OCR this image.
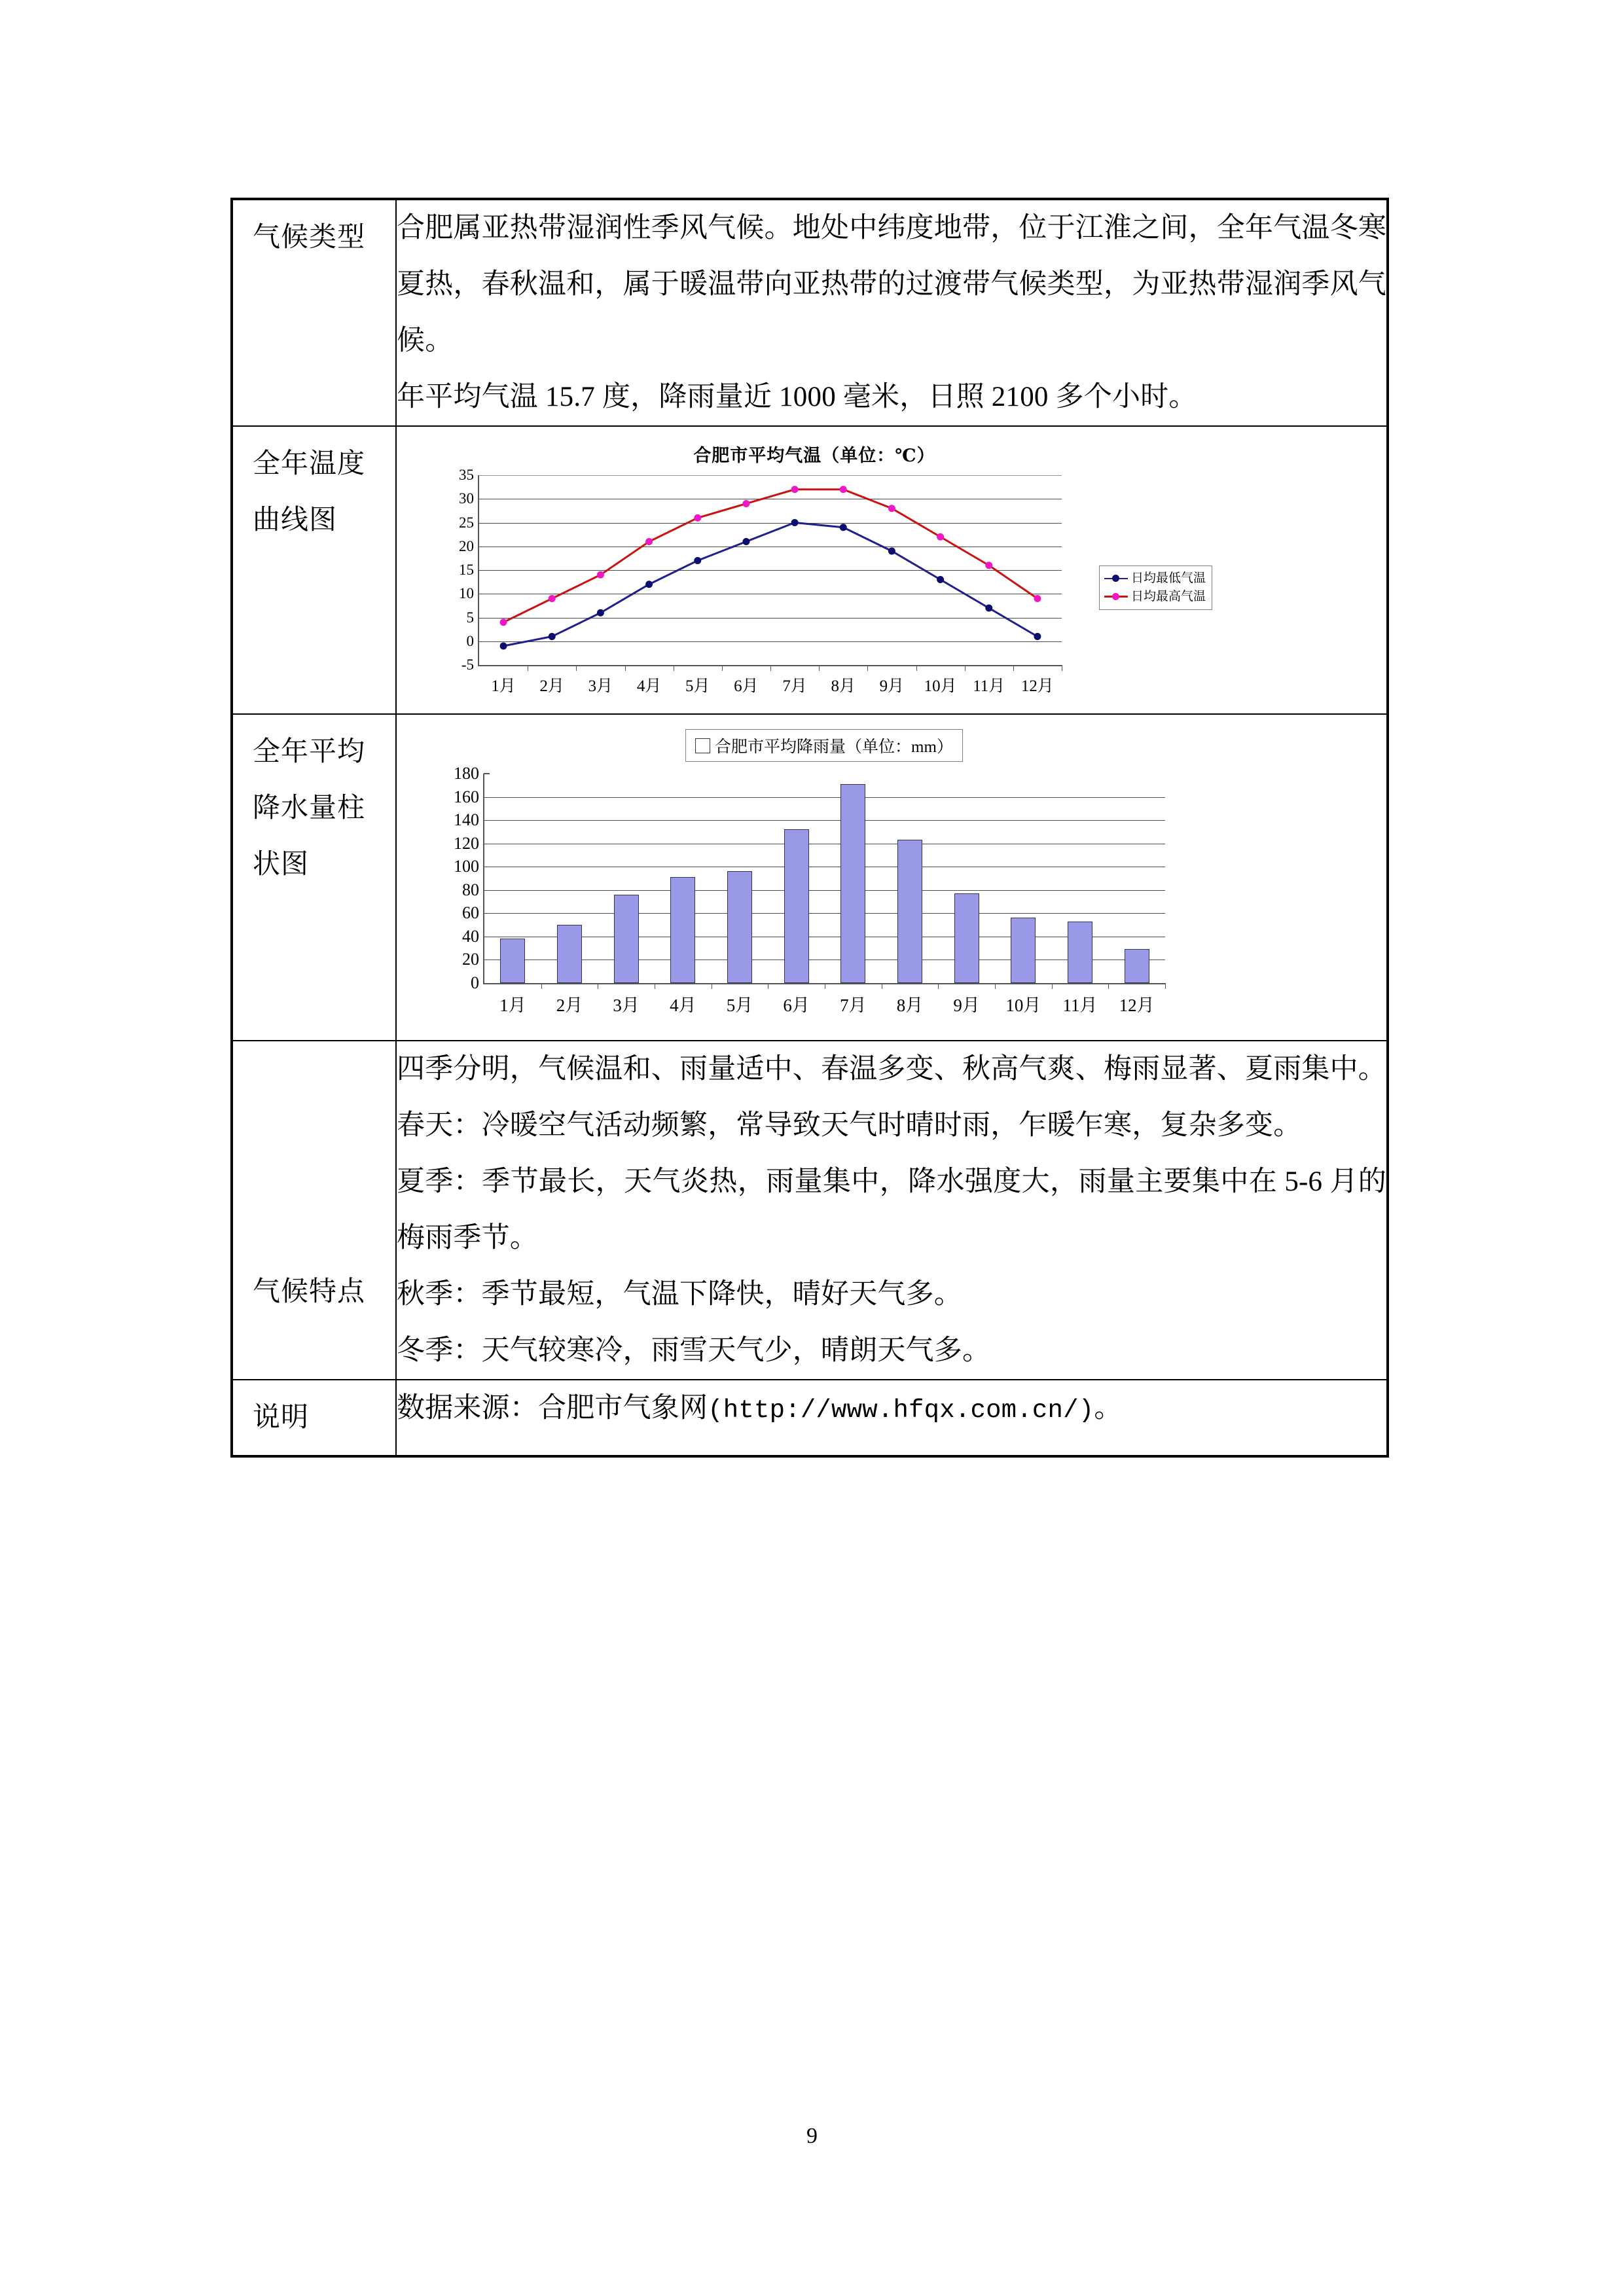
气候类型	合肥属亚热带湿润性季风气候。地处中纬度地带，位于江淮之间，全年气温冬寒夏热，春秋温和，属于暖温带向亚热带的过渡带气候类型，为亚热带湿润季风气候。
年平均气温 15.7 度，降雨量近 1000 毫米，日照 2100 多个小时。

全年温度曲线图

合肥市平均气温（单位：℃）
35
30
25
20
15
10
5
0
-5
1月 2月 3月 4月 5月 6月 7月 8月 9月 10月 11月 12月
日均最低气温
日均最高气温

全年平均降水量柱状图

合肥市平均降雨量（单位：mm）
180
160
140
120
100
80
60
40
20
0
1月 2月 3月 4月 5月 6月 7月 8月 9月 10月 11月 12月

气候特点	四季分明，气候温和、雨量适中、春温多变、秋高气爽、梅雨显著、夏雨集中。
春天：冷暖空气活动频繁，常导致天气时晴时雨，乍暖乍寒，复杂多变。
夏季：季节最长，天气炎热，雨量集中，降水强度大，雨量主要集中在 5-6 月的梅雨季节。
秋季：季节最短，气温下降快，晴好天气多。
冬季：天气较寒冷，雨雪天气少，晴朗天气多。

说明	数据来源：合肥市气象网(http://www.hfqx.com.cn/)。
9
